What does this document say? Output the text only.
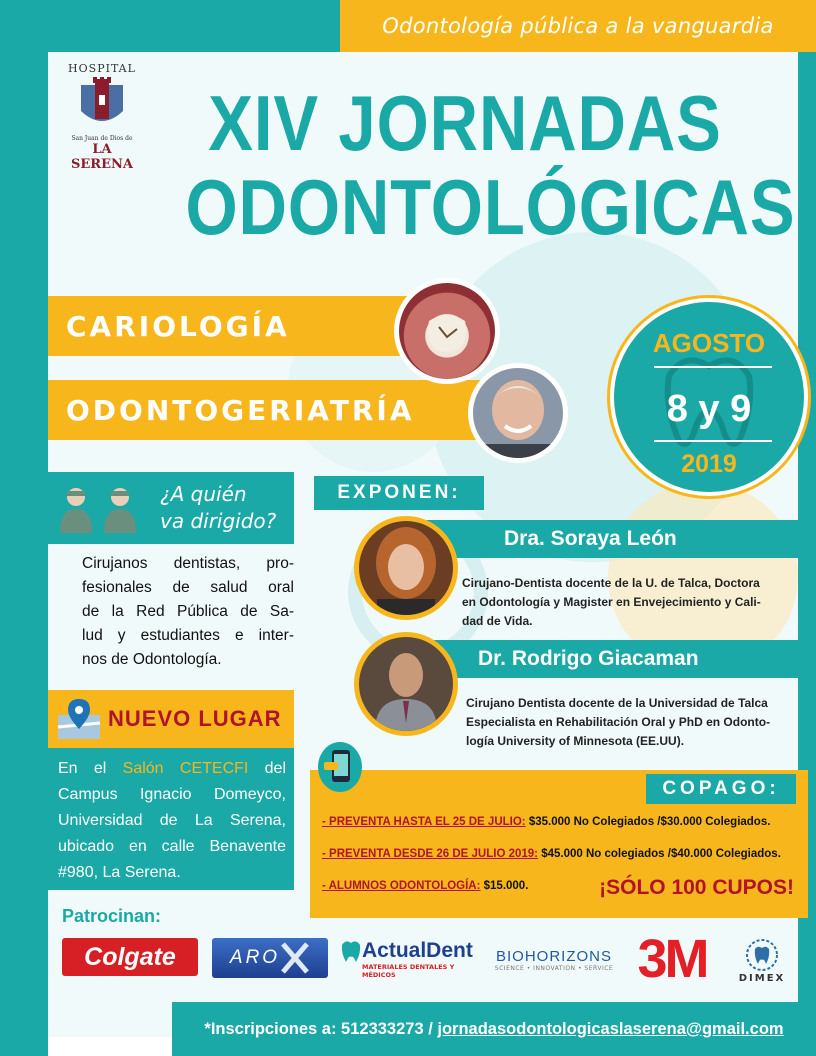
Odontología pública a la vanguardia
HOSPITAL
San Juan de Dios de
LA SERENA XIV JORNADAS
ODONTOLÓGICAS
CARIOLOGÍA
ODONTOGERIATRÍA
AGOSTO
8 y 9
2019
¿A quién
va dirigido?
Cirujanos dentistas, pro-
fesionales de salud oral
de la Red Pública de Sa-
lud y estudiantes e inter-
nos de Odontología.
NUEVO LUGAR
En el Salón CETECFI del
Campus Ignacio Domeyco,
Universidad de La Serena,
ubicado en calle Benavente
#980, La Serena.
EXPONEN:
Dra. Soraya León
Cirujano-Dentista docente de la U. de Talca, Doctora
en Odontología y Magister en Envejecimiento y Cali-
dad de Vida.
Dr. Rodrigo Giacaman
Cirujano Dentista docente de la Universidad de Talca
Especialista en Rehabilitación Oral y PhD en Odonto-
logía University of Minnesota (EE.UU).
COPAGO:
- PREVENTA HASTA EL 25 DE JULIO: $35.000 No Colegiados /$30.000 Colegiados.
- PREVENTA DESDE 26 DE JULIO 2019: $45.000 No colegiados /$40.000 Colegiados.
- ALUMNOS ODONTOLOGÍA: $15.000.	¡SÓLO 100 CUPOS!
Patrocinan:
Colgate	ARO	ActualDent
MATERIALES DENTALES Y MÉDICOS
BIOHORIZONS
SCIENCE • INNOVATION • SERVICE 3M	DIMEX
*Inscripciones a: 512333273 / jornadasodontologicaslaserena@gmail.com
